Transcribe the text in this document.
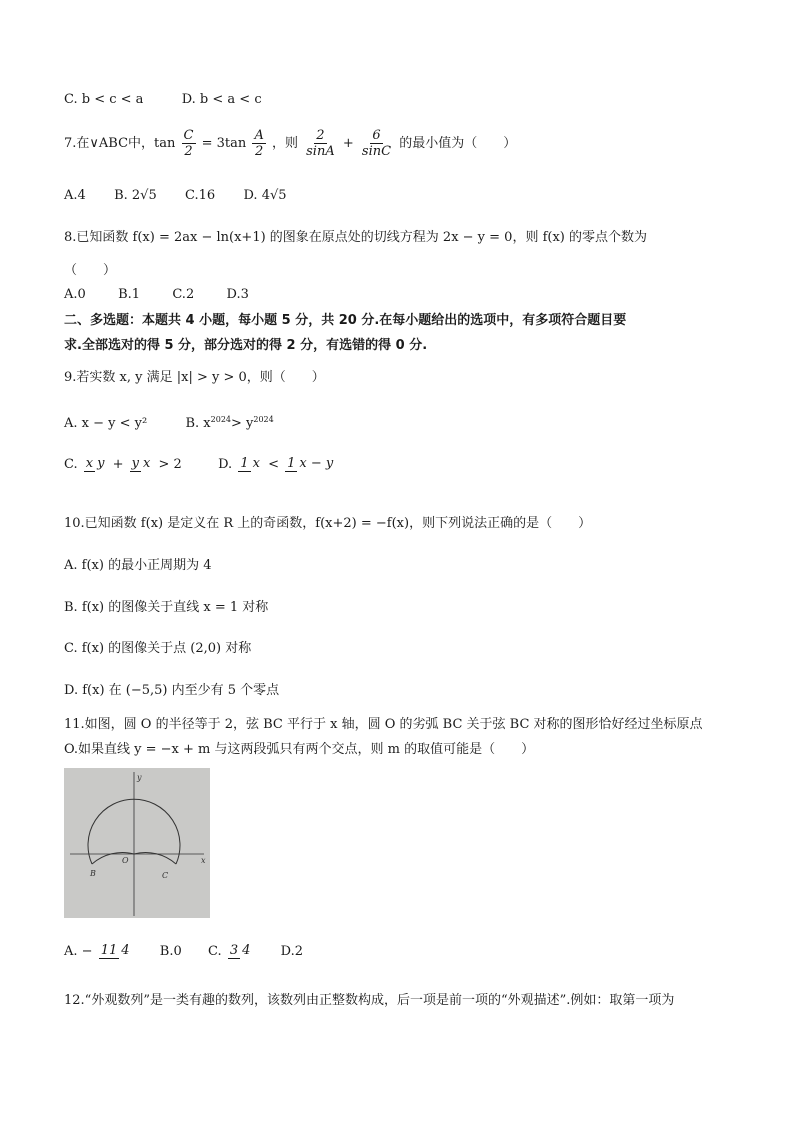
C. b < c < a	D. b < a < c
7.在∨ABC中，$\tan \frac{C}{2} = 3\tan \frac{A}{2}$ ，则 $\frac{2}{\sin A} + \frac{6}{\sin C}$ 的最小值为（　　）
A.4 B. 2√5 C.16 D. 4√5
8.已知函数 f(x) = 2ax − ln(x+1) 的图象在原点处的切线方程为 2x − y = 0，则 f(x) 的零点个数为
（　　）
A.0 B.1 C.2 D.3
二、多选题：本题共 4 小题，每小题 5 分，共 20 分.在每小题给出的选项中，有多项符合题目要
求.全部选对的得 5 分，部分选对的得 2 分，有选错的得 0 分.
9.若实数 x, y 满足 |x| > y > 0，则（　　）
A. x − y < y²	B. $x^{2024}> y^{2024}$
C. x y + y x > 2	D. 1 x < 1 x − y
10.已知函数 f(x) 是定义在 R 上的奇函数，f(x+2) = −f(x)，则下列说法正确的是（　　）
A. f(x) 的最小正周期为 4
B. f(x) 的图像关于直线 x = 1 对称
C. f(x) 的图像关于点 (2,0) 对称
D. f(x) 在 (−5,5) 内至少有 5 个零点
11.如图，圆 O 的半径等于 2，弦 BC 平行于 x 轴，圆 O 的劣弧 BC 关于弦 BC 对称的图形恰好经过坐标原点
O.如果直线 y = −x + m 与这两段弧只有两个交点，则 m 的取值可能是（　　）
y
x
O
B	C
A. − 11 4 B.0 C. 3 4 D.2
12.“外观数列”是一类有趣的数列，该数列由正整数构成，后一项是前一项的“外观描述”.例如：取第一项为
